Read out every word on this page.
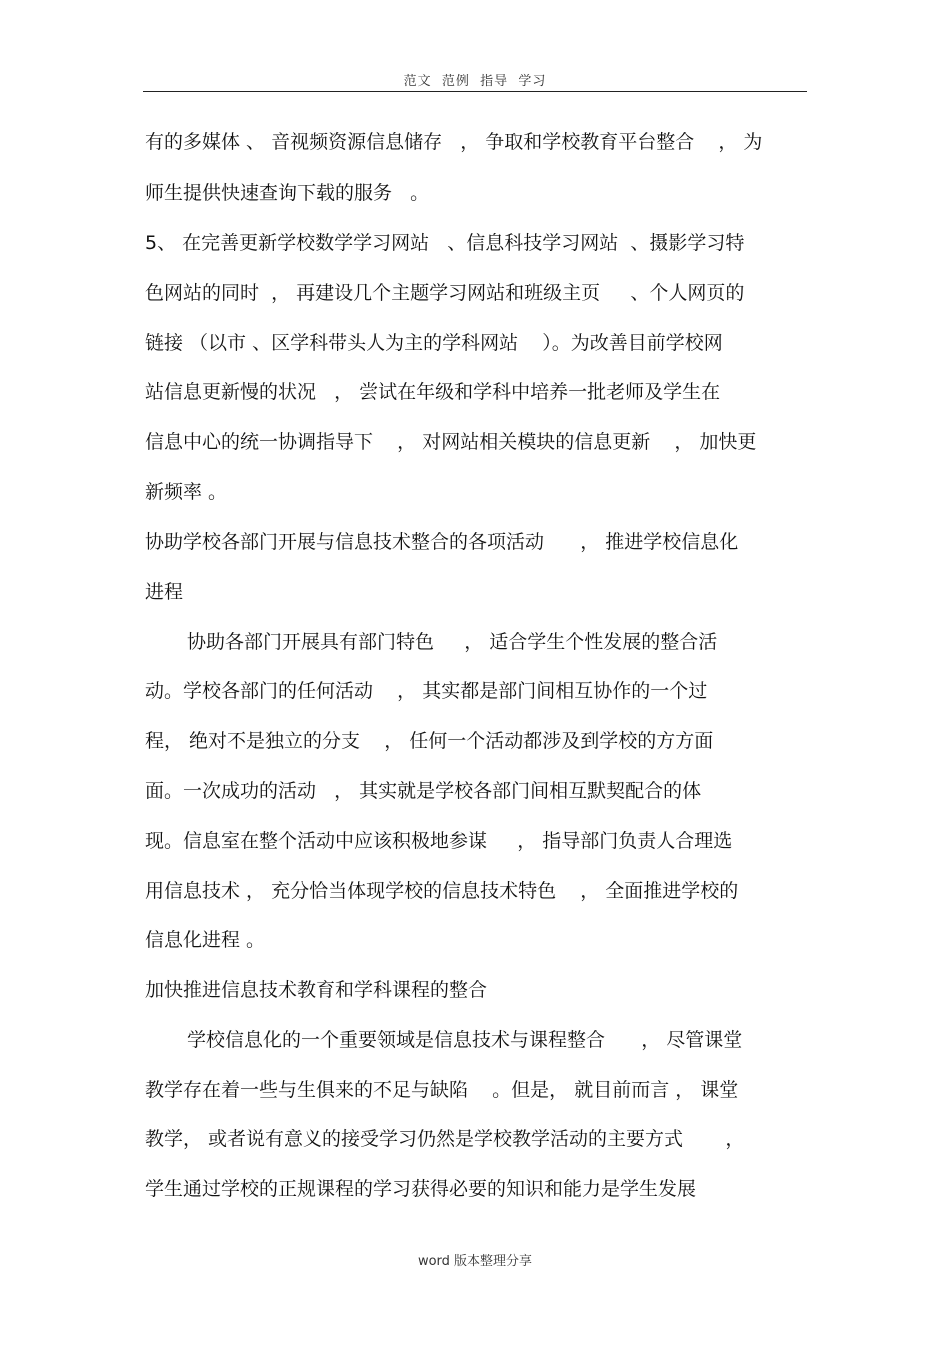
范文  范例  指导  学习
有的多媒体 、 音视频资源信息储存   ， 争取和学校教育平台整合    ， 为
师生提供快速查询下载的服务   。
5、 在完善更新学校数学学习网站   、信息科技学习网站  、摄影学习特
色网站的同时  ， 再建设几个主题学习网站和班级主页     、个人网页的
链接 （以市 、区学科带头人为主的学科网站    ）。为改善目前学校网
站信息更新慢的状况   ， 尝试在年级和学科中培养一批老师及学生在
信息中心的统一协调指导下    ， 对网站相关模块的信息更新    ， 加快更
新频率 。
协助学校各部门开展与信息技术整合的各项活动      ， 推进学校信息化
进程
协助各部门开展具有部门特色     ， 适合学生个性发展的整合活
动。学校各部门的任何活动    ， 其实都是部门间相互协作的一个过
程， 绝对不是独立的分支    ， 任何一个活动都涉及到学校的方方面
面。一次成功的活动   ， 其实就是学校各部门间相互默契配合的体
现。信息室在整个活动中应该积极地参谋     ， 指导部门负责人合理选
用信息技术 ， 充分恰当体现学校的信息技术特色    ， 全面推进学校的
信息化进程 。
加快推进信息技术教育和学科课程的整合
学校信息化的一个重要领域是信息技术与课程整合      ， 尽管课堂
教学存在着一些与生俱来的不足与缺陷    。但是， 就目前而言 ， 课堂
教学， 或者说有意义的接受学习仍然是学校教学活动的主要方式       ，
学生通过学校的正规课程的学习获得必要的知识和能力是学生发展
word 版本整理分享
